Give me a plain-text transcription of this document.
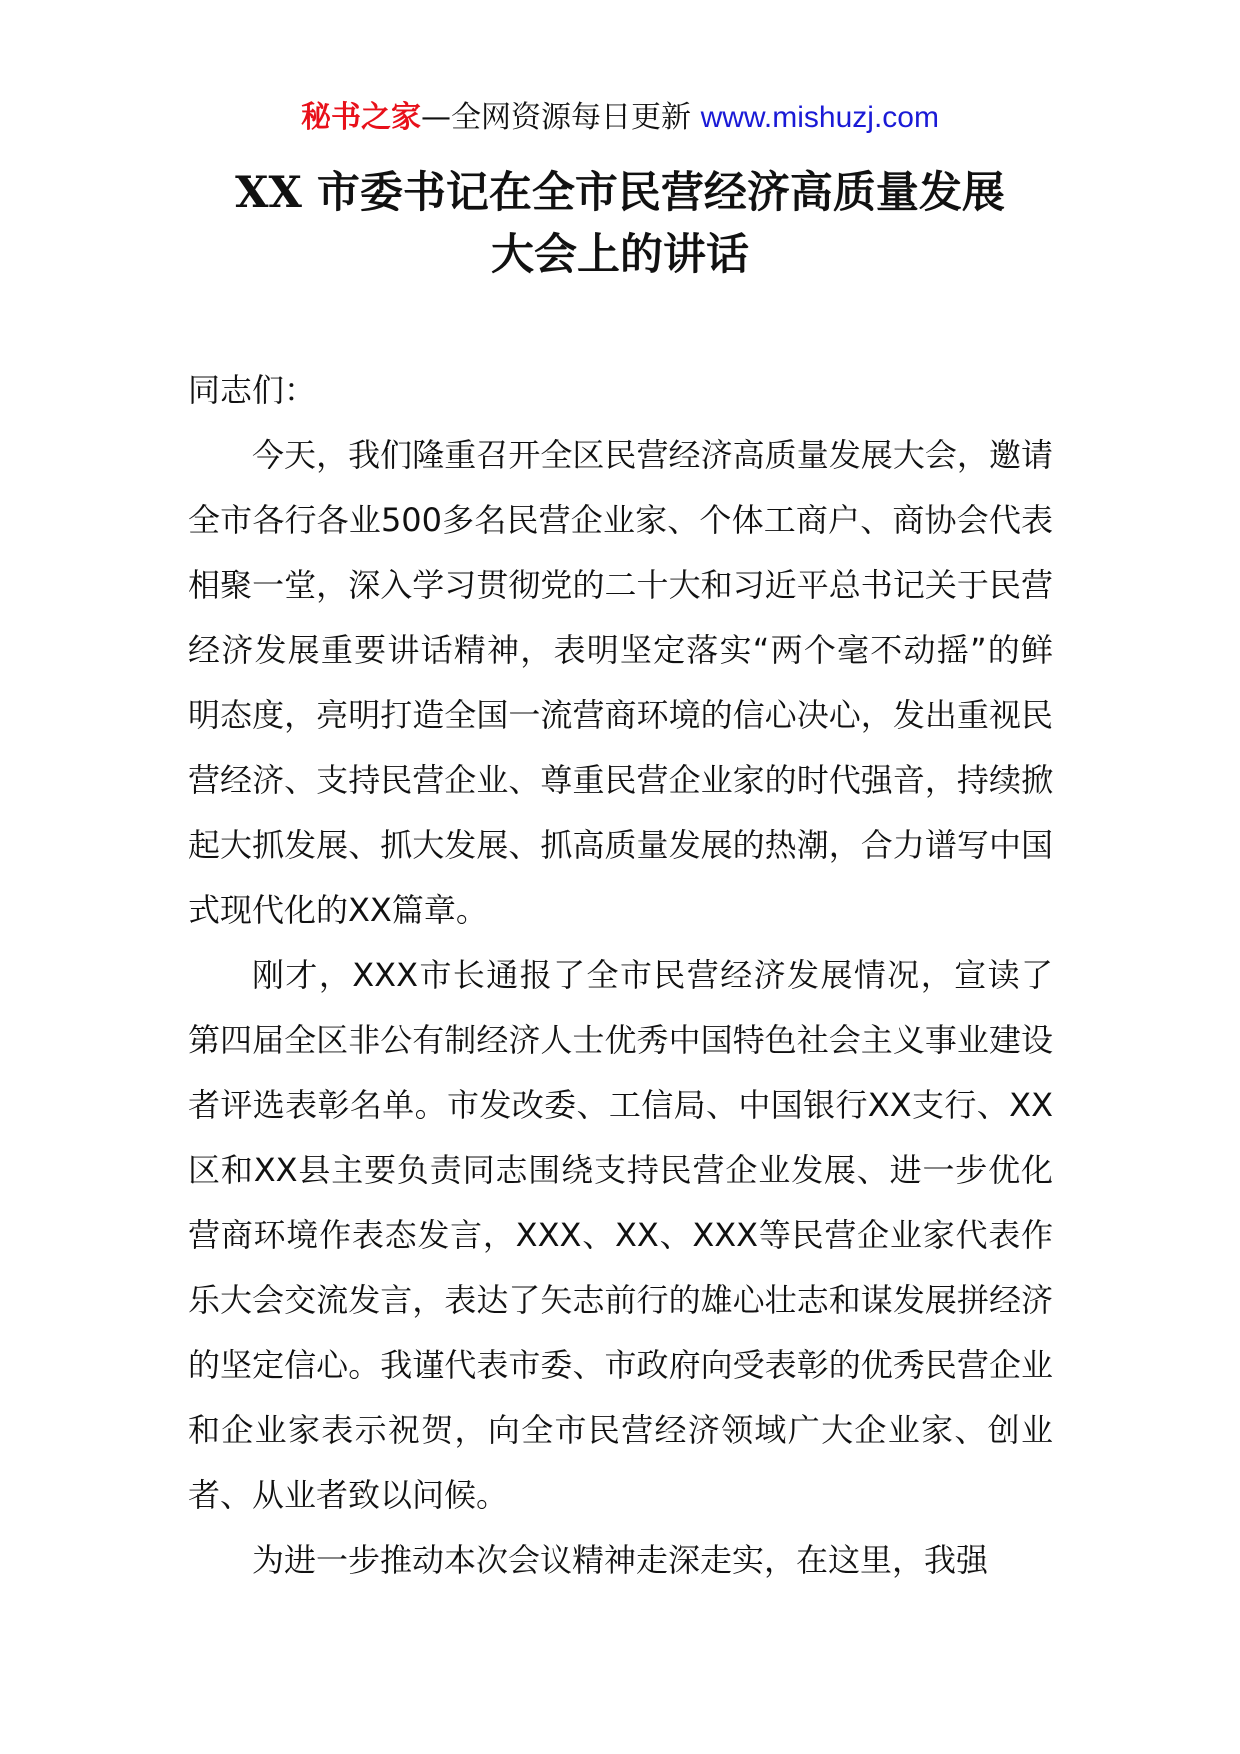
秘书之家—全网资源每日更新 www.mishuzj.com
XX 市委书记在全市民营经济高质量发展
大会上的讲话

同志们：

今天，我们隆重召开全区民营经济高质量发展大会，邀请全市各行各业500多名民营企业家、个体工商户、商协会代表相聚一堂，深入学习贯彻党的二十大和习近平总书记关于民营经济发展重要讲话精神，表明坚定落实“两个毫不动摇”的鲜明态度，亮明打造全国一流营商环境的信心决心，发出重视民营经济、支持民营企业、尊重民营企业家的时代强音，持续掀起大抓发展、抓大发展、抓高质量发展的热潮，合力谱写中国式现代化的XX篇章。

刚才，XXX市长通报了全市民营经济发展情况，宣读了第四届全区非公有制经济人士优秀中国特色社会主义事业建设者评选表彰名单。市发改委、工信局、中国银行XX支行、XX区和XX县主要负责同志围绕支持民营企业发展、进一步优化营商环境作表态发言，XXX、XX、XXX等民营企业家代表作乐大会交流发言，表达了矢志前行的雄心壮志和谋发展拼经济的坚定信心。我谨代表市委、市政府向受表彰的优秀民营企业和企业家表示祝贺，向全市民营经济领域广大企业家、创业者、从业者致以问候。

为进一步推动本次会议精神走深走实，在这里，我强
